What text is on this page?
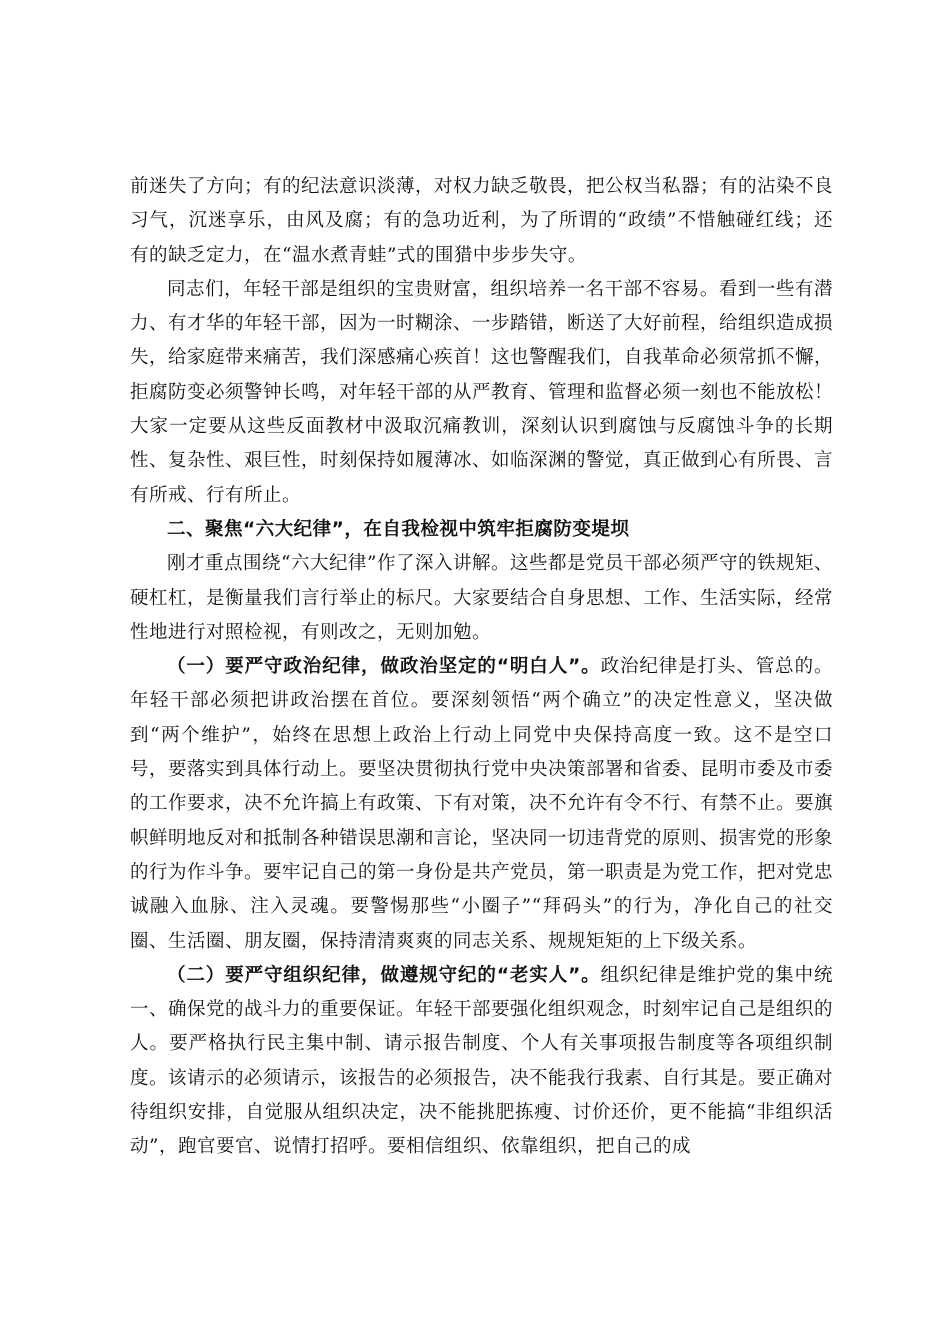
前迷失了方向；有的纪法意识淡薄，对权力缺乏敬畏，把公权当私器；有的沾染不良习气，沉迷享乐，由风及腐；有的急功近利，为了所谓的“政绩”不惜触碰红线；还有的缺乏定力，在“温水煮青蛙”式的围猎中步步失守。

同志们，年轻干部是组织的宝贵财富，组织培养一名干部不容易。看到一些有潜力、有才华的年轻干部，因为一时糊涂、一步踏错，断送了大好前程，给组织造成损失，给家庭带来痛苦，我们深感痛心疾首！这也警醒我们，自我革命必须常抓不懈，拒腐防变必须警钟长鸣，对年轻干部的从严教育、管理和监督必须一刻也不能放松！大家一定要从这些反面教材中汲取沉痛教训，深刻认识到腐蚀与反腐蚀斗争的长期性、复杂性、艰巨性，时刻保持如履薄冰、如临深渊的警觉，真正做到心有所畏、言有所戒、行有所止。

二、聚焦“六大纪律”，在自我检视中筑牢拒腐防变堤坝

刚才重点围绕“六大纪律”作了深入讲解。这些都是党员干部必须严守的铁规矩、硬杠杠，是衡量我们言行举止的标尺。大家要结合自身思想、工作、生活实际，经常性地进行对照检视，有则改之，无则加勉。

（一）要严守政治纪律，做政治坚定的“明白人”。政治纪律是打头、管总的。年轻干部必须把讲政治摆在首位。要深刻领悟“两个确立”的决定性意义，坚决做到“两个维护”，始终在思想上政治上行动上同党中央保持高度一致。这不是空口号，要落实到具体行动上。要坚决贯彻执行党中央决策部署和省委、昆明市委及市委的工作要求，决不允许搞上有政策、下有对策，决不允许有令不行、有禁不止。要旗帜鲜明地反对和抵制各种错误思潮和言论，坚决同一切违背党的原则、损害党的形象的行为作斗争。要牢记自己的第一身份是共产党员，第一职责是为党工作，把对党忠诚融入血脉、注入灵魂。要警惕那些“小圈子”“拜码头”的行为，净化自己的社交圈、生活圈、朋友圈，保持清清爽爽的同志关系、规规矩矩的上下级关系。

（二）要严守组织纪律，做遵规守纪的“老实人”。组织纪律是维护党的集中统一、确保党的战斗力的重要保证。年轻干部要强化组织观念，时刻牢记自己是组织的人。要严格执行民主集中制、请示报告制度、个人有关事项报告制度等各项组织制度。该请示的必须请示，该报告的必须报告，决不能我行我素、自行其是。要正确对待组织安排，自觉服从组织决定，决不能挑肥拣瘦、讨价还价，更不能搞“非组织活动”，跑官要官、说情打招呼。要相信组织、依靠组织，把自己的成
